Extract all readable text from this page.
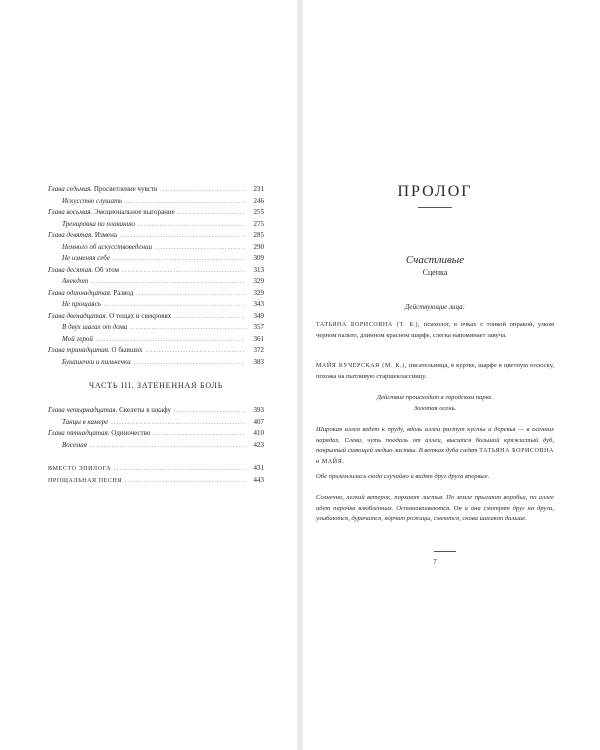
Глава седьмая. Просветление чувств .....	231
Искусство слушать .....	246
Глава восьмая. Эмоциональное выгорание .....	255
Тренировка по плаванию .....	275
Глава девятая. Измена .....	285
Немного об искусствоведении .....	290
Не изменяя себе .....	309
Глава десятая. Об этом .....	313
Анекдот .....	329
Глава одиннадцатая. Развод .....	329
Не прощаясь .....	343
Глава двенадцатая. О тещах и свекровях .....	349
В двух шагах от дома .....	357
Мой герой .....	361
Глава тринадцатая. О бывших .....	372
Букашечки и пилькечки .....	383
ЧАСТЬ III. ЗАТЕНЕННАЯ БОЛЬ
Глава четырнадцатая. Скелеты в шкафу .....	393
Танцы в камере .....	407
Глава пятнадцатая. Одиночество .....	410
Восемая .....	423
ВМЕСТО ЭПИЛОГА .....	431
ПРОЩАЛЬНАЯ ПЕСНЯ .....	443
ПРОЛОГ
Счастливые
Сценка
Действующие лица:

ТАТЬЯНА БОРИСОВНА (Т. Б.), психолог, в очках с тонкой оправой, узком черном пальто, длинном красном шарфе, слегка напоминает завуча.

МАЙЯ КУЧЕРСКАЯ (М. К.), писательница, в куртке, шарфе в цветную полоску, похожа на пытливую старшеклассницу.

Действие происходит в городском парке.

Золотая осень.

Широкая аллея ведет к пруду, вдоль аллеи растут кусты и деревья — в осенних нарядах. Слева, чуть поодаль от аллеи, высится большой кряжистый дуб, покрытый сияющей медью листвы. В ветках дуба сидят ТАТЬЯНА БОРИСОВНА и МАЙЯ.

Обе приземлились сюда случайно и видят друг друга впервые.

Солнечно, легкий ветерок, порхают листья. По земле прыгают воробьи, по аллее идет парочка влюбленных. Останавливаются. Он и она смотрят друг на друга, улыбаются, дурачатся, корчат рожицы, смеются, снова шагают дальше.

7
